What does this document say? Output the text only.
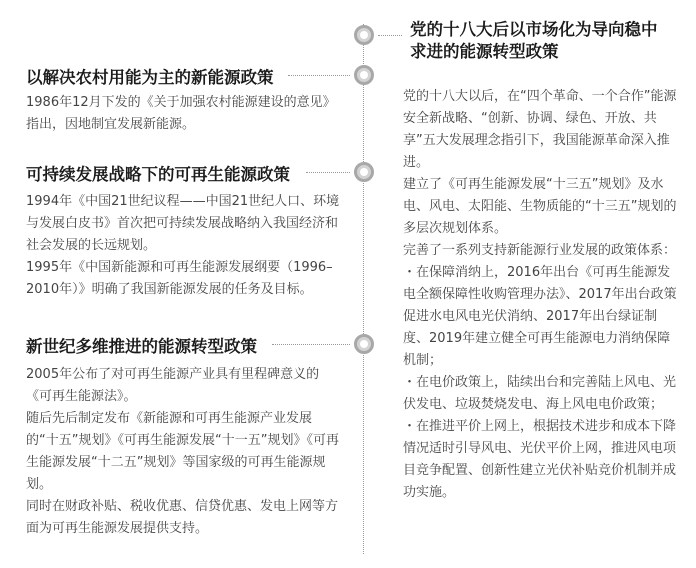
党的十八大后以市场化为导向稳中求进的能源转型政策

党的十八大以后，在“四个革命、一个合作”能源安全新战略、“创新、协调、绿色、开放、共享”五大发展理念指引下，我国能源革命深入推进。

建立了《可再生能源发展“十三五”规划》及水电、风电、太阳能、生物质能的“十三五”规划的多层次规划体系。

完善了一系列支持新能源行业发展的政策体系：

・在保障消纳上，2016年出台《可再生能源发电全额保障性收购管理办法》、2017年出台政策促进水电风电光伏消纳、2017年出台绿证制度、2019年建立健全可再生能源电力消纳保障机制；

・在电价政策上，陆续出台和完善陆上风电、光伏发电、垃圾焚烧发电、海上风电电价政策；

・在推进平价上网上，根据技术进步和成本下降情况适时引导风电、光伏平价上网，推进风电项目竞争配置、创新性建立光伏补贴竞价机制并成功实施。

以解决农村用能为主的新能源政策

1986年12月下发的《关于加强农村能源建设的意见》指出，因地制宜发展新能源。

可持续发展战略下的可再生能源政策

1994年《中国21世纪议程——中国21世纪人口、环境与发展白皮书》首次把可持续发展战略纳入我国经济和社会发展的长远规划。

1995年《中国新能源和可再生能源发展纲要（1996–2010年）》明确了我国新能源发展的任务及目标。

新世纪多维推进的能源转型政策

2005年公布了对可再生能源产业具有里程碑意义的《可再生能源法》。

随后先后制定发布《新能源和可再生能源产业发展的“十五”规划》《可再生能源发展“十一五”规划》《可再生能源发展“十二五”规划》等国家级的可再生能源规划。

同时在财政补贴、税收优惠、信贷优惠、发电上网等方面为可再生能源发展提供支持。
